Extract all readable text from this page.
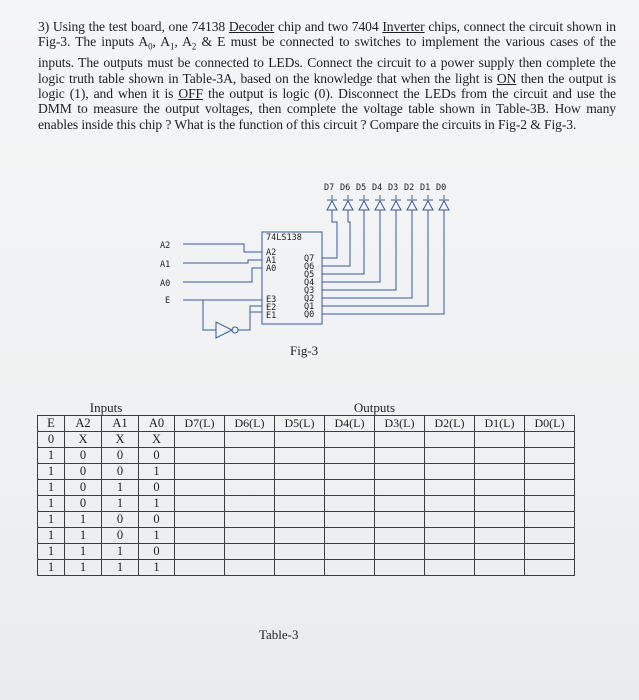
3) Using the test board, one 74138 Decoder chip and two 7404 Inverter chips, connect the circuit shown in Fig-3. The inputs $A_0$, $A_1$, $A_2$ & E must be connected to switches to implement the various cases of the inputs. The outputs must be connected to LEDs. Connect the circuit to a power supply then complete the logic truth table shown in Table-3A, based on the knowledge that when the light is ON then the output is logic (1), and when it is OFF the output is logic (0). Disconnect the LEDs from the circuit and use the DMM to measure the output voltages, then complete the voltage table shown in Table-3B. How many enables inside this chip ? What is the function of this circuit ? Compare the circuits in Fig-2 & Fig-3.
74LS138
A2
A1
A0
E
A2
A1
A0
E3
E2
E1
Q7
Q6
Q5
Q4
Q3
Q2
Q1
Q0
D7 D6 D5 D4 D3 D2 D1 D0
Fig-3
Inputs				Outputs							
E	A2	A1	A0	D7(L)	D6(L)	D5(L)	D4(L)	D3(L)	D2(L)	D1(L)	D0(L)
0	X	X	X								
1	0	0	0								
1	0	0	1								
1	0	1	0								
1	0	1	1								
1	1	0	0								
1	1	0	1								
1	1	1	0								
1	1	1	1								
Table-3
